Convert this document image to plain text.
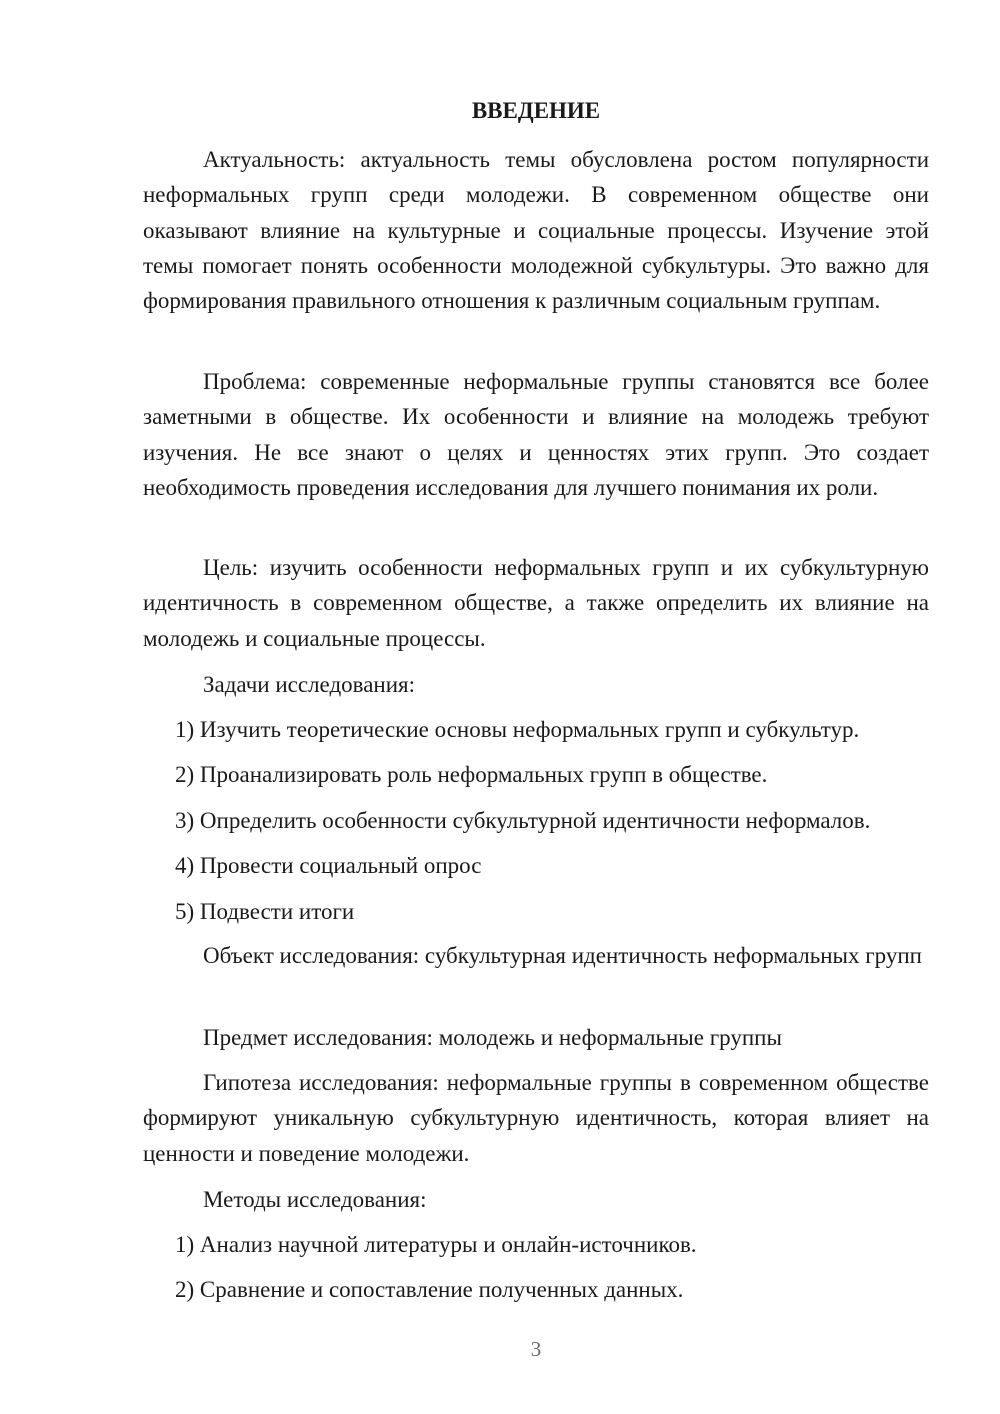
ВВЕДЕНИЕ

Актуальность: актуальность темы обусловлена ростом популярности неформальных групп среди молодежи. В современном обществе они оказывают влияние на культурные и социальные процессы. Изучение этой темы помогает понять особенности молодежной субкультуры. Это важно для формирования правильного отношения к различным социальным группам.

Проблема: современные неформальные группы становятся все более заметными в обществе. Их особенности и влияние на молодежь требуют изучения. Не все знают о целях и ценностях этих групп. Это создает необходимость проведения исследования для лучшего понимания их роли.

Цель: изучить особенности неформальных групп и их субкультурную идентичность в современном обществе, а также определить их влияние на молодежь и социальные процессы.

Задачи исследования:

1) Изучить теоретические основы неформальных групп и субкультур.

2) Проанализировать роль неформальных групп в обществе.

3) Определить особенности субкультурной идентичности неформалов.

4) Провести социальный опрос

5) Подвести итоги

Объект исследования: субкультурная идентичность неформальных групп

Предмет исследования: молодежь и неформальные группы

Гипотеза исследования: неформальные группы в современном обществе формируют уникальную субкультурную идентичность, которая влияет на ценности и поведение молодежи.

Методы исследования:

1) Анализ научной литературы и онлайн-источников.

2) Сравнение и сопоставление полученных данных.

3
